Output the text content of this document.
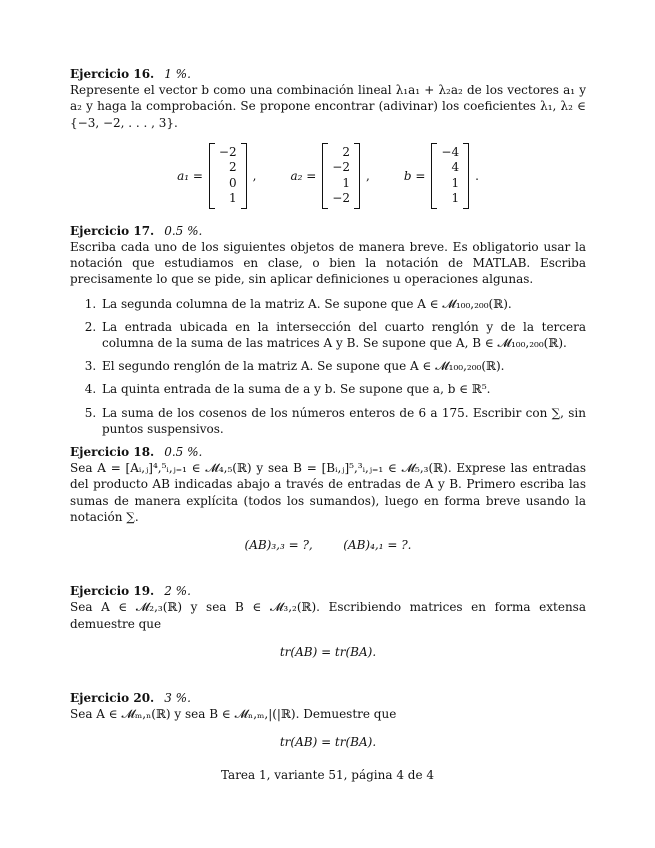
Ejercicio 16. 1 %.

Represente el vector b como una combinación lineal λ₁a₁ + λ₂a₂ de los vectores a₁ y a₂ y haga la comprobación. Se propone encontrar (adivinar) los coeficientes λ₁, λ₂ ∈ {−3, −2, . . . , 3}.

a₁ =
−2
2
0
1
,	a₂ =
2
−2
1
−2
,	b =
−4
4
1
1
.

Ejercicio 17. 0.5 %.

Escriba cada uno de los siguientes objetos de manera breve. Es obligatorio usar la notación que estudiamos en clase, o bien la notación de MATLAB. Escriba precisamente lo que se pide, sin aplicar definiciones u operaciones algunas.

1. La segunda columna de la matriz A. Se supone que A ∈ 𝓜₁₀₀,₂₀₀(ℝ).
2. La entrada ubicada en la intersección del cuarto renglón y de la tercera columna de la suma de las matrices A y B. Se supone que A, B ∈ 𝓜₁₀₀,₂₀₀(ℝ).
3. El segundo renglón de la matriz A. Se supone que A ∈ 𝓜₁₀₀,₂₀₀(ℝ).
4. La quinta entrada de la suma de a y b. Se supone que a, b ∈ ℝ⁵.
5. La suma de los cosenos de los números enteros de 6 a 175. Escribir con ∑, sin puntos suspensivos.

Ejercicio 18. 0.5 %.

Sea A = [Aᵢ,ⱼ]⁴,⁵ᵢ,ⱼ₌₁ ∈ 𝓜₄,₅(ℝ) y sea B = [Bᵢ,ⱼ]⁵,³ᵢ,ⱼ₌₁ ∈ 𝓜₅,₃(ℝ). Exprese las entradas del producto AB indicadas abajo a través de entradas de A y B. Primero escriba las sumas de manera explícita (todos los sumandos), luego en forma breve usando la notación ∑.

(AB)₃,₃ = ?,        (AB)₄,₁ = ?.

Ejercicio 19. 2 %.

Sea A ∈ 𝓜₂,₃(ℝ) y sea B ∈ 𝓜₃,₂(ℝ). Escribiendo matrices en forma extensa demuestre que

tr(AB) = tr(BA).

Ejercicio 20. 3 %.

Sea A ∈ 𝓜ₘ,ₙ(ℝ) y sea B ∈ 𝓜ₙ,ₘ,|(|ℝ). Demuestre que

tr(AB) = tr(BA).

Tarea 1, variante 51, página 4 de 4
